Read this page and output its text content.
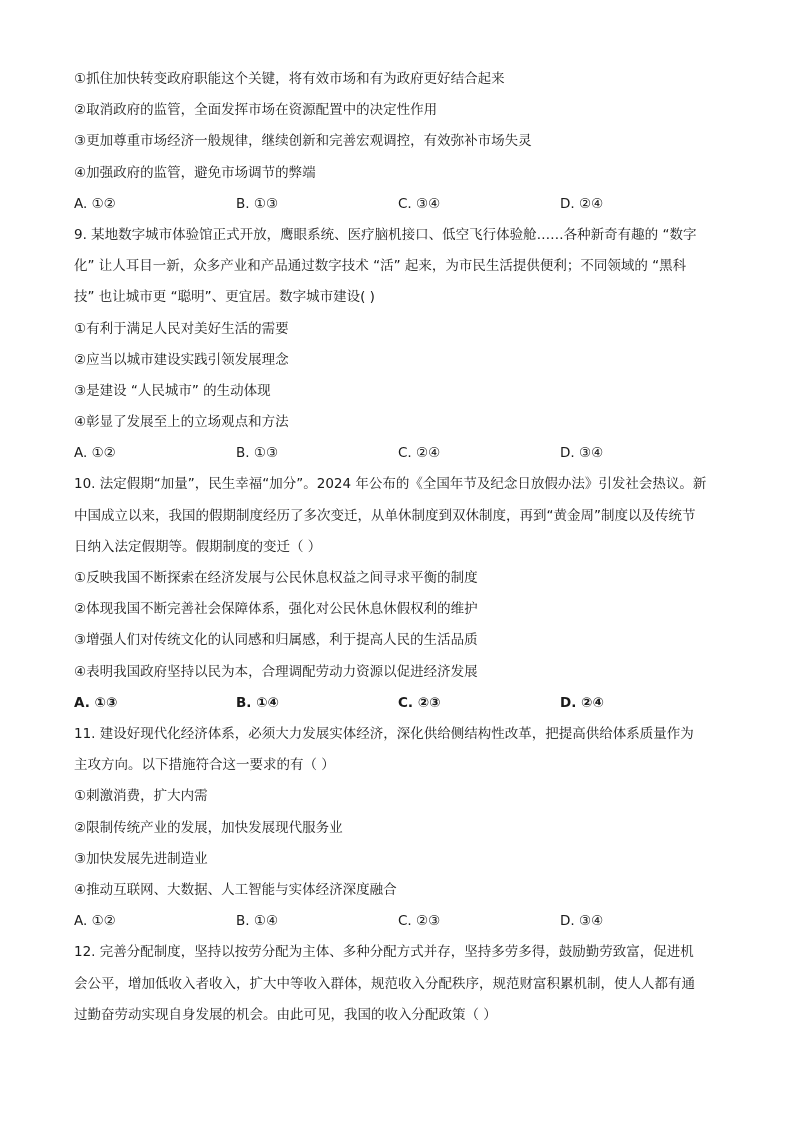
①抓住加快转变政府职能这个关键，将有效市场和有为政府更好结合起来
②取消政府的监管，全面发挥市场在资源配置中的决定性作用
③更加尊重市场经济一般规律，继续创新和完善宏观调控，有效弥补市场失灵
④加强政府的监管，避免市场调节的弊端
A. ①②	B. ①③	C. ③④	D. ②④
9. 某地数字城市体验馆正式开放，鹰眼系统、医疗脑机接口、低空飞行体验舱……各种新奇有趣的 “数字
化” 让人耳目一新，众多产业和产品通过数字技术 “活” 起来，为市民生活提供便利；不同领域的 “黑科
技” 也让城市更 “聪明”、更宜居。数字城市建设( )
①有利于满足人民对美好生活的需要
②应当以城市建设实践引领发展理念
③是建设 “人民城市” 的生动体现
④彰显了发展至上的立场观点和方法
A. ①②	B. ①③	C. ②④	D. ③④
10. 法定假期“加量”，民生幸福“加分”。2024 年公布的《全国年节及纪念日放假办法》引发社会热议。新
中国成立以来，我国的假期制度经历了多次变迁，从单休制度到双休制度，再到“黄金周”制度以及传统节
日纳入法定假期等。假期制度的变迁（ ）
①反映我国不断探索在经济发展与公民休息权益之间寻求平衡的制度
②体现我国不断完善社会保障体系，强化对公民休息休假权利的维护
③增强人们对传统文化的认同感和归属感，利于提高人民的生活品质
④表明我国政府坚持以民为本，合理调配劳动力资源以促进经济发展
A. ①③	B. ①④	C. ②③	D. ②④
11. 建设好现代化经济体系，必须大力发展实体经济，深化供给侧结构性改革，把提高供给体系质量作为
主攻方向。以下措施符合这一要求的有（ ）
①刺激消费，扩大内需
②限制传统产业的发展，加快发展现代服务业
③加快发展先进制造业
④推动互联网、大数据、人工智能与实体经济深度融合
A. ①②	B. ①④	C. ②③	D. ③④
12. 完善分配制度，坚持以按劳分配为主体、多种分配方式并存，坚持多劳多得，鼓励勤劳致富，促进机
会公平，增加低收入者收入，扩大中等收入群体，规范收入分配秩序，规范财富积累机制，使人人都有通
过勤奋劳动实现自身发展的机会。由此可见，我国的收入分配政策（ ）
